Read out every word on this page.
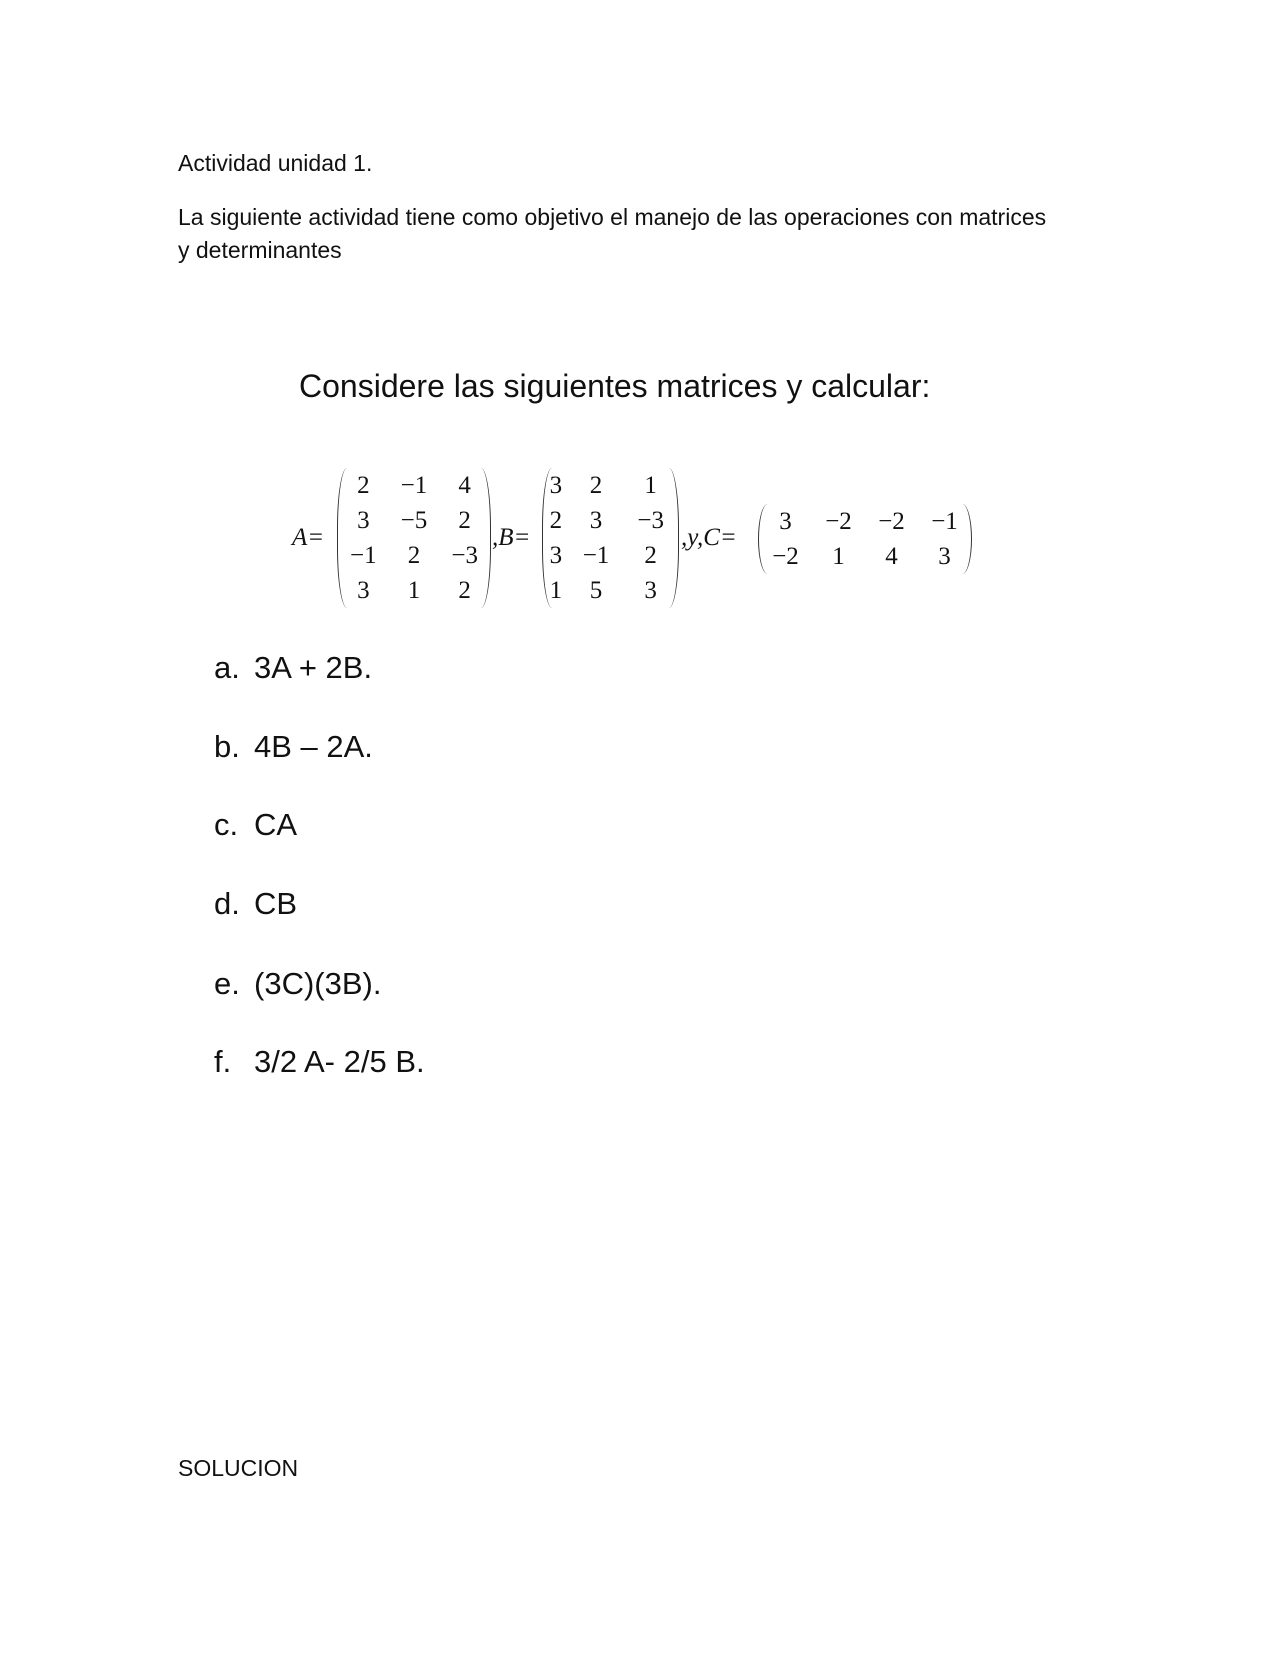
Actividad unidad 1.
La siguiente actividad tiene como objetivo el manejo de las operaciones con matrices y determinantes
Considere las siguientes matrices y calcular:
A=
2	−1	4
3	−5	2
−1	2	−3
3	1	2
,B=
3	2	1
2	3	−3
3	−1	2
1	5	3
,y,C=
3	−2	−2	−1
−2	1	4	3
a. 3A + 2B.
b. 4B – 2A.
c. CA
d. CB
e. (3C)(3B).
f. 3/2 A- 2/5 B.
SOLUCION
